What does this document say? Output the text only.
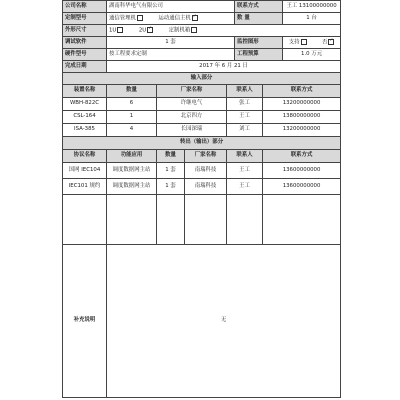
公司名称	湖南科华电气有限公司				联系方式		王工 13100000000
定制型号	通信管理机 运动通信主机✓				数 量		1 台
外形尺寸	1U 2U ✓ 定制机箱
调试软件	1 套				监控图形		支持 否✓
硬件型号	按工程要求定制				工程预算		1.0 万元
完成日期	2017 年 6 月 21 日						
输入部分							
装置名称	数量	厂家名称		联系人		联系方式	
WBH-822C	6	许继电气		张工		13200000000	
CSL-164	1	北京四方		王工		13800000000	
ISA-385	4	长园深瑞		刘工		13200000000	
转出（输出）部分							
协议名称	功能应用	数量	厂家名称	联系人		联系方式	
国网 IEC104	调度数据网主站	1 套	南瑞科技	王工		13600000000	
IEC101 规约	调度数据网主站	1 套	南瑞科技	王工		13600000000	

补充说明	无						
